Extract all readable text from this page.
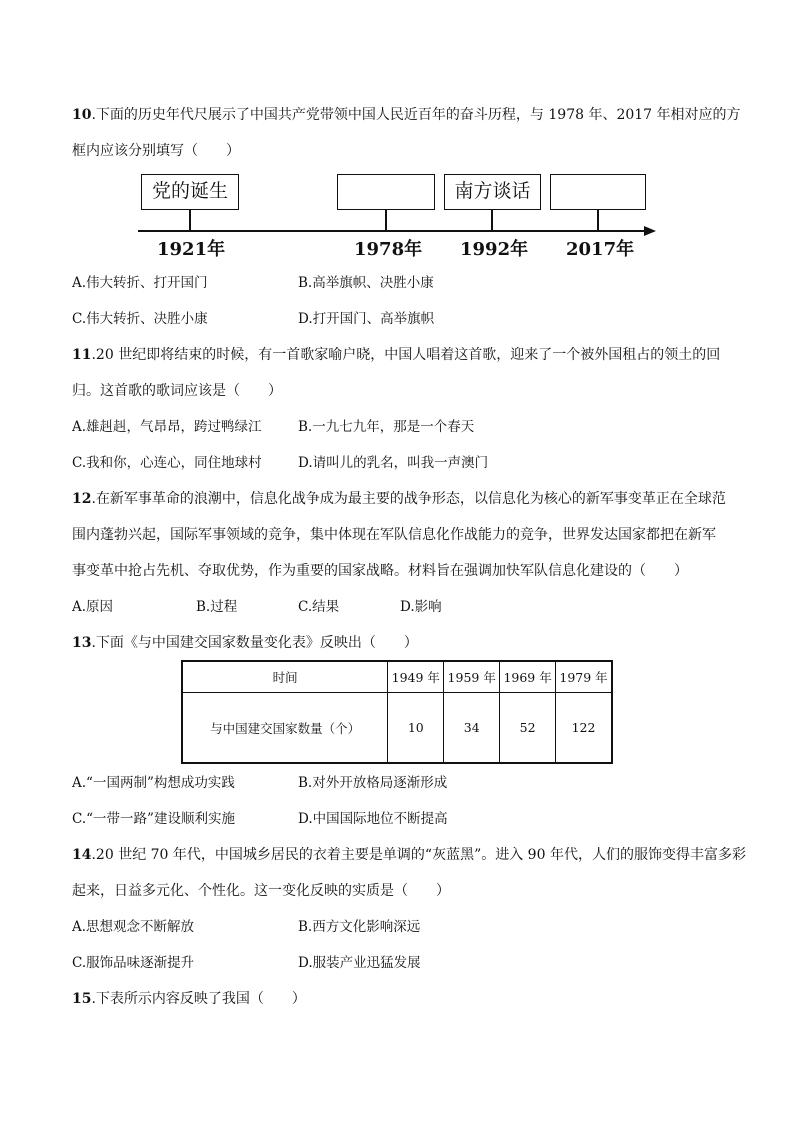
10.下面的历史年代尺展示了中国共产党带领中国人民近百年的奋斗历程，与 1978 年、2017 年相对应的方
框内应该分别填写（　　）
党的诞生	南方谈话
1921年	1978年 1992年 2017年
A.伟大转折、打开国门	B.高举旗帜、决胜小康
C.伟大转折、决胜小康	D.打开国门、高举旗帜
11.20 世纪即将结束的时候，有一首歌家喻户晓，中国人唱着这首歌，迎来了一个被外国租占的领土的回
归。这首歌的歌词应该是（　　）
A.雄赳赳，气昂昂，跨过鸭绿江	B.一九七九年，那是一个春天
C.我和你，心连心，同住地球村	D.请叫儿的乳名，叫我一声澳门
12.在新军事革命的浪潮中，信息化战争成为最主要的战争形态，以信息化为核心的新军事变革正在全球范
围内蓬勃兴起，国际军事领域的竞争，集中体现在军队信息化作战能力的竞争，世界发达国家都把在新军
事变革中抢占先机、夺取优势，作为重要的国家战略。材料旨在强调加快军队信息化建设的（　　）
A.原因	B.过程	C.结果	D.影响
13.下面《与中国建交国家数量变化表》反映出（　　）
时间	1949 年	1959 年	1969 年	1979 年
与中国建交国家数量（个）	10	34	52	122
A.“一国两制”构想成功实践	B.对外开放格局逐渐形成
C.“一带一路”建设顺利实施	D.中国国际地位不断提高
14.20 世纪 70 年代，中国城乡居民的衣着主要是单调的“灰蓝黑”。进入 90 年代，人们的服饰变得丰富多彩
起来，日益多元化、个性化。这一变化反映的实质是（　　）
A.思想观念不断解放	B.西方文化影响深远
C.服饰品味逐渐提升	D.服装产业迅猛发展
15.下表所示内容反映了我国（　　）
